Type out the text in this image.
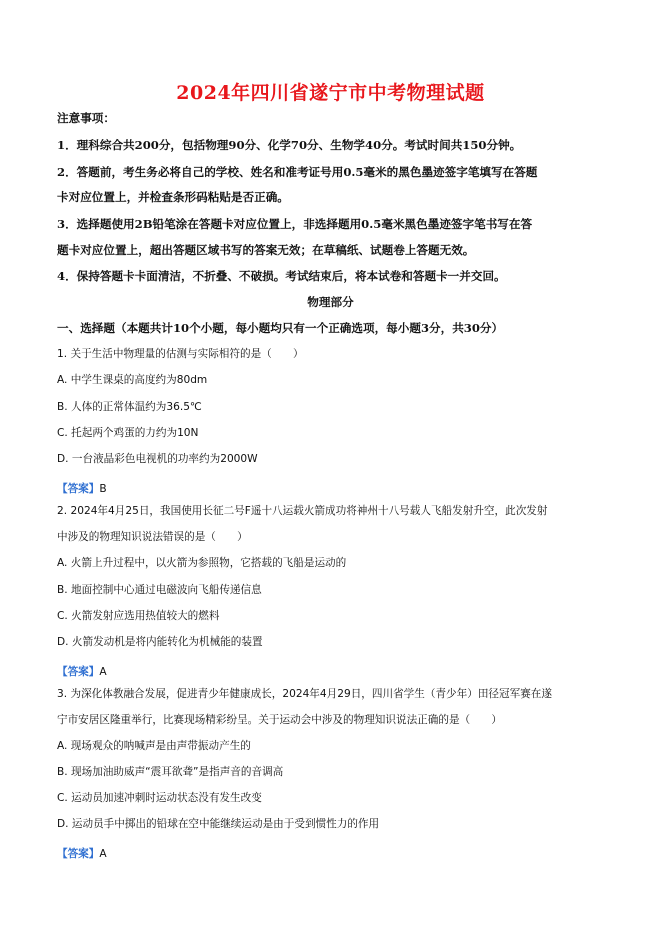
2024年四川省遂宁市中考物理试题
注意事项：
1．理科综合共200分，包括物理90分、化学70分、生物学40分。考试时间共150分钟。
2．答题前，考生务必将自己的学校、姓名和准考证号用0.5毫米的黑色墨迹签字笔填写在答题
卡对应位置上，并检查条形码粘贴是否正确。
3．选择题使用2B铅笔涂在答题卡对应位置上，非选择题用0.5毫米黑色墨迹签字笔书写在答
题卡对应位置上，超出答题区域书写的答案无效；在草稿纸、试题卷上答题无效。
4．保持答题卡卡面清洁，不折叠、不破损。考试结束后，将本试卷和答题卡一并交回。
物理部分
一、选择题（本题共计10个小题，每小题均只有一个正确选项，每小题3分，共30分）
1. 关于生活中物理量的估测与实际相符的是（　　）
A. 中学生课桌的高度约为80dm
B. 人体的正常体温约为36.5℃
C. 托起两个鸡蛋的力约为10N
D. 一台液晶彩色电视机的功率约为2000W
【答案】B
2. 2024年4月25日，我国使用长征二号F遥十八运载火箭成功将神州十八号载人飞船发射升空，此次发射
中涉及的物理知识说法错误的是（　　）
A. 火箭上升过程中，以火箭为参照物，它搭载的飞船是运动的
B. 地面控制中心通过电磁波向飞船传递信息
C. 火箭发射应选用热值较大的燃料
D. 火箭发动机是将内能转化为机械能的装置
【答案】A
3. 为深化体教融合发展，促进青少年健康成长，2024年4月29日，四川省学生（青少年）田径冠军赛在遂
宁市安居区隆重举行，比赛现场精彩纷呈。关于运动会中涉及的物理知识说法正确的是（　　）
A. 现场观众的呐喊声是由声带振动产生的
B. 现场加油助威声“震耳欲聋”是指声音的音调高
C. 运动员加速冲刺时运动状态没有发生改变
D. 运动员手中掷出的铅球在空中能继续运动是由于受到惯性力的作用
【答案】A
